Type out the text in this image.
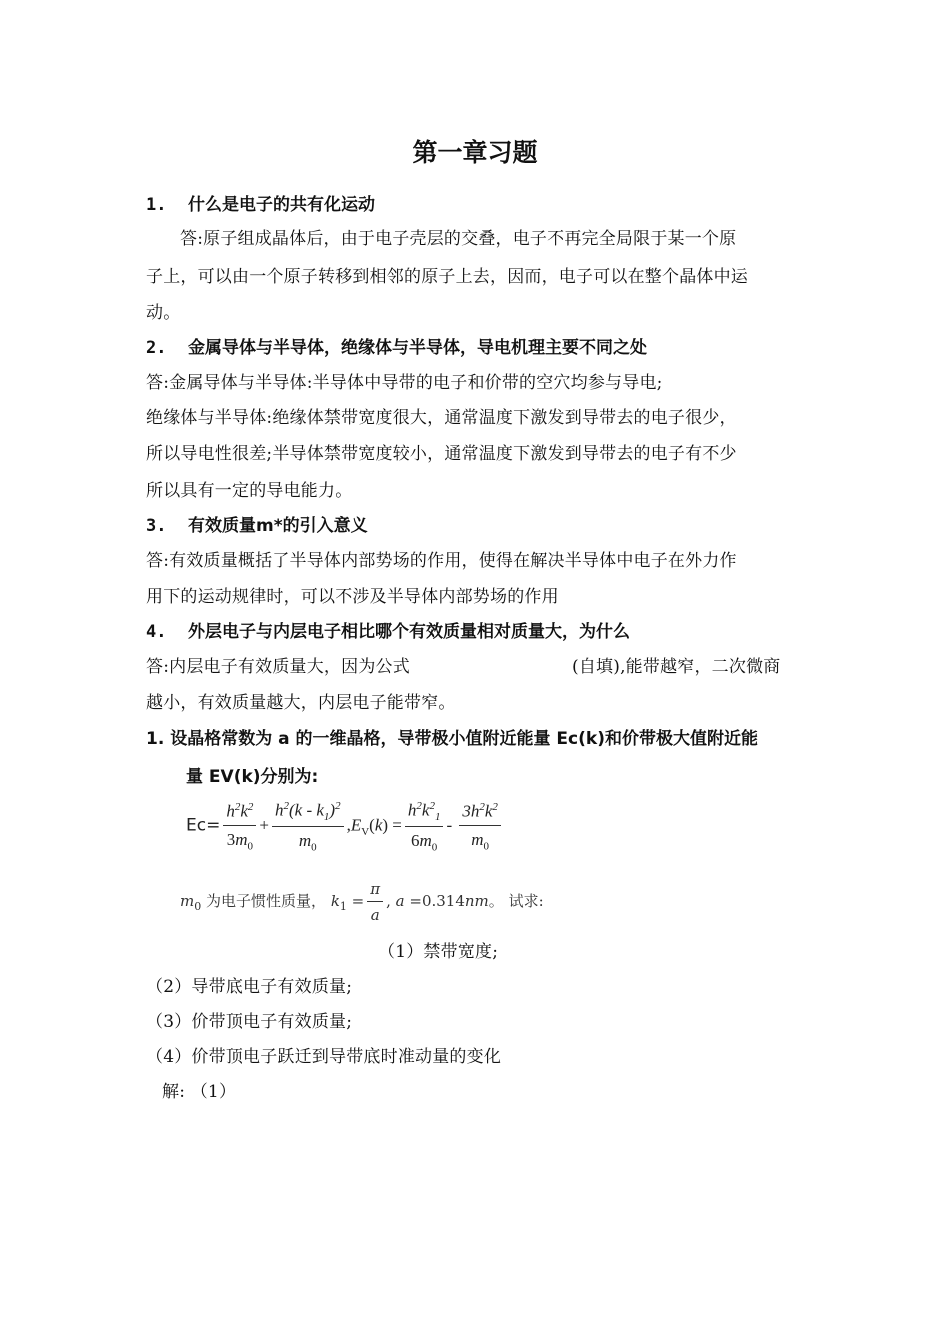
第一章习题
1. 什么是电子的共有化运动
答:原子组成晶体后，由于电子壳层的交叠，电子不再完全局限于某一个原
子上，可以由一个原子转移到相邻的原子上去，因而，电子可以在整个晶体中运
动。
2. 金属导体与半导体，绝缘体与半导体，导电机理主要不同之处
答:金属导体与半导体:半导体中导带的电子和价带的空穴均参与导电;
绝缘体与半导体:绝缘体禁带宽度很大，通常温度下激发到导带去的电子很少，
所以导电性很差;半导体禁带宽度较小，通常温度下激发到导带去的电子有不少
所以具有一定的导电能力。
3. 有效质量m*的引入意义
答:有效质量概括了半导体内部势场的作用，使得在解决半导体中电子在外力作
用下的运动规律时，可以不涉及半导体内部势场的作用
4. 外层电子与内层电子相比哪个有效质量相对质量大，为什么
答:内层电子有效质量大，因为公式	(自填),能带越窄，二次微商
越小，有效质量越大，内层电子能带窄。
1. 设晶格常数为 a 的一维晶格，导带极小值附近能量 Ec(k)和价带极大值附近能
量 EV(k)分别为:
$Ec= \frac{h^2k^2}{3m_0} + \frac{h^2(k - k_1)^2}{m_0} ,E_V(k) = \frac{h^2k^2_1}{6m_0} - \frac{3h^2k^2}{m_0}$
$m_0$ 为电子惯性质量， $k_1 = \frac{\pi}{a}$ , a =0.314nm。 试求:
（1）禁带宽度;
（2）导带底电子有效质量;
（3）价带顶电子有效质量;
（4）价带顶电子跃迁到导带底时准动量的变化
解: （1）
